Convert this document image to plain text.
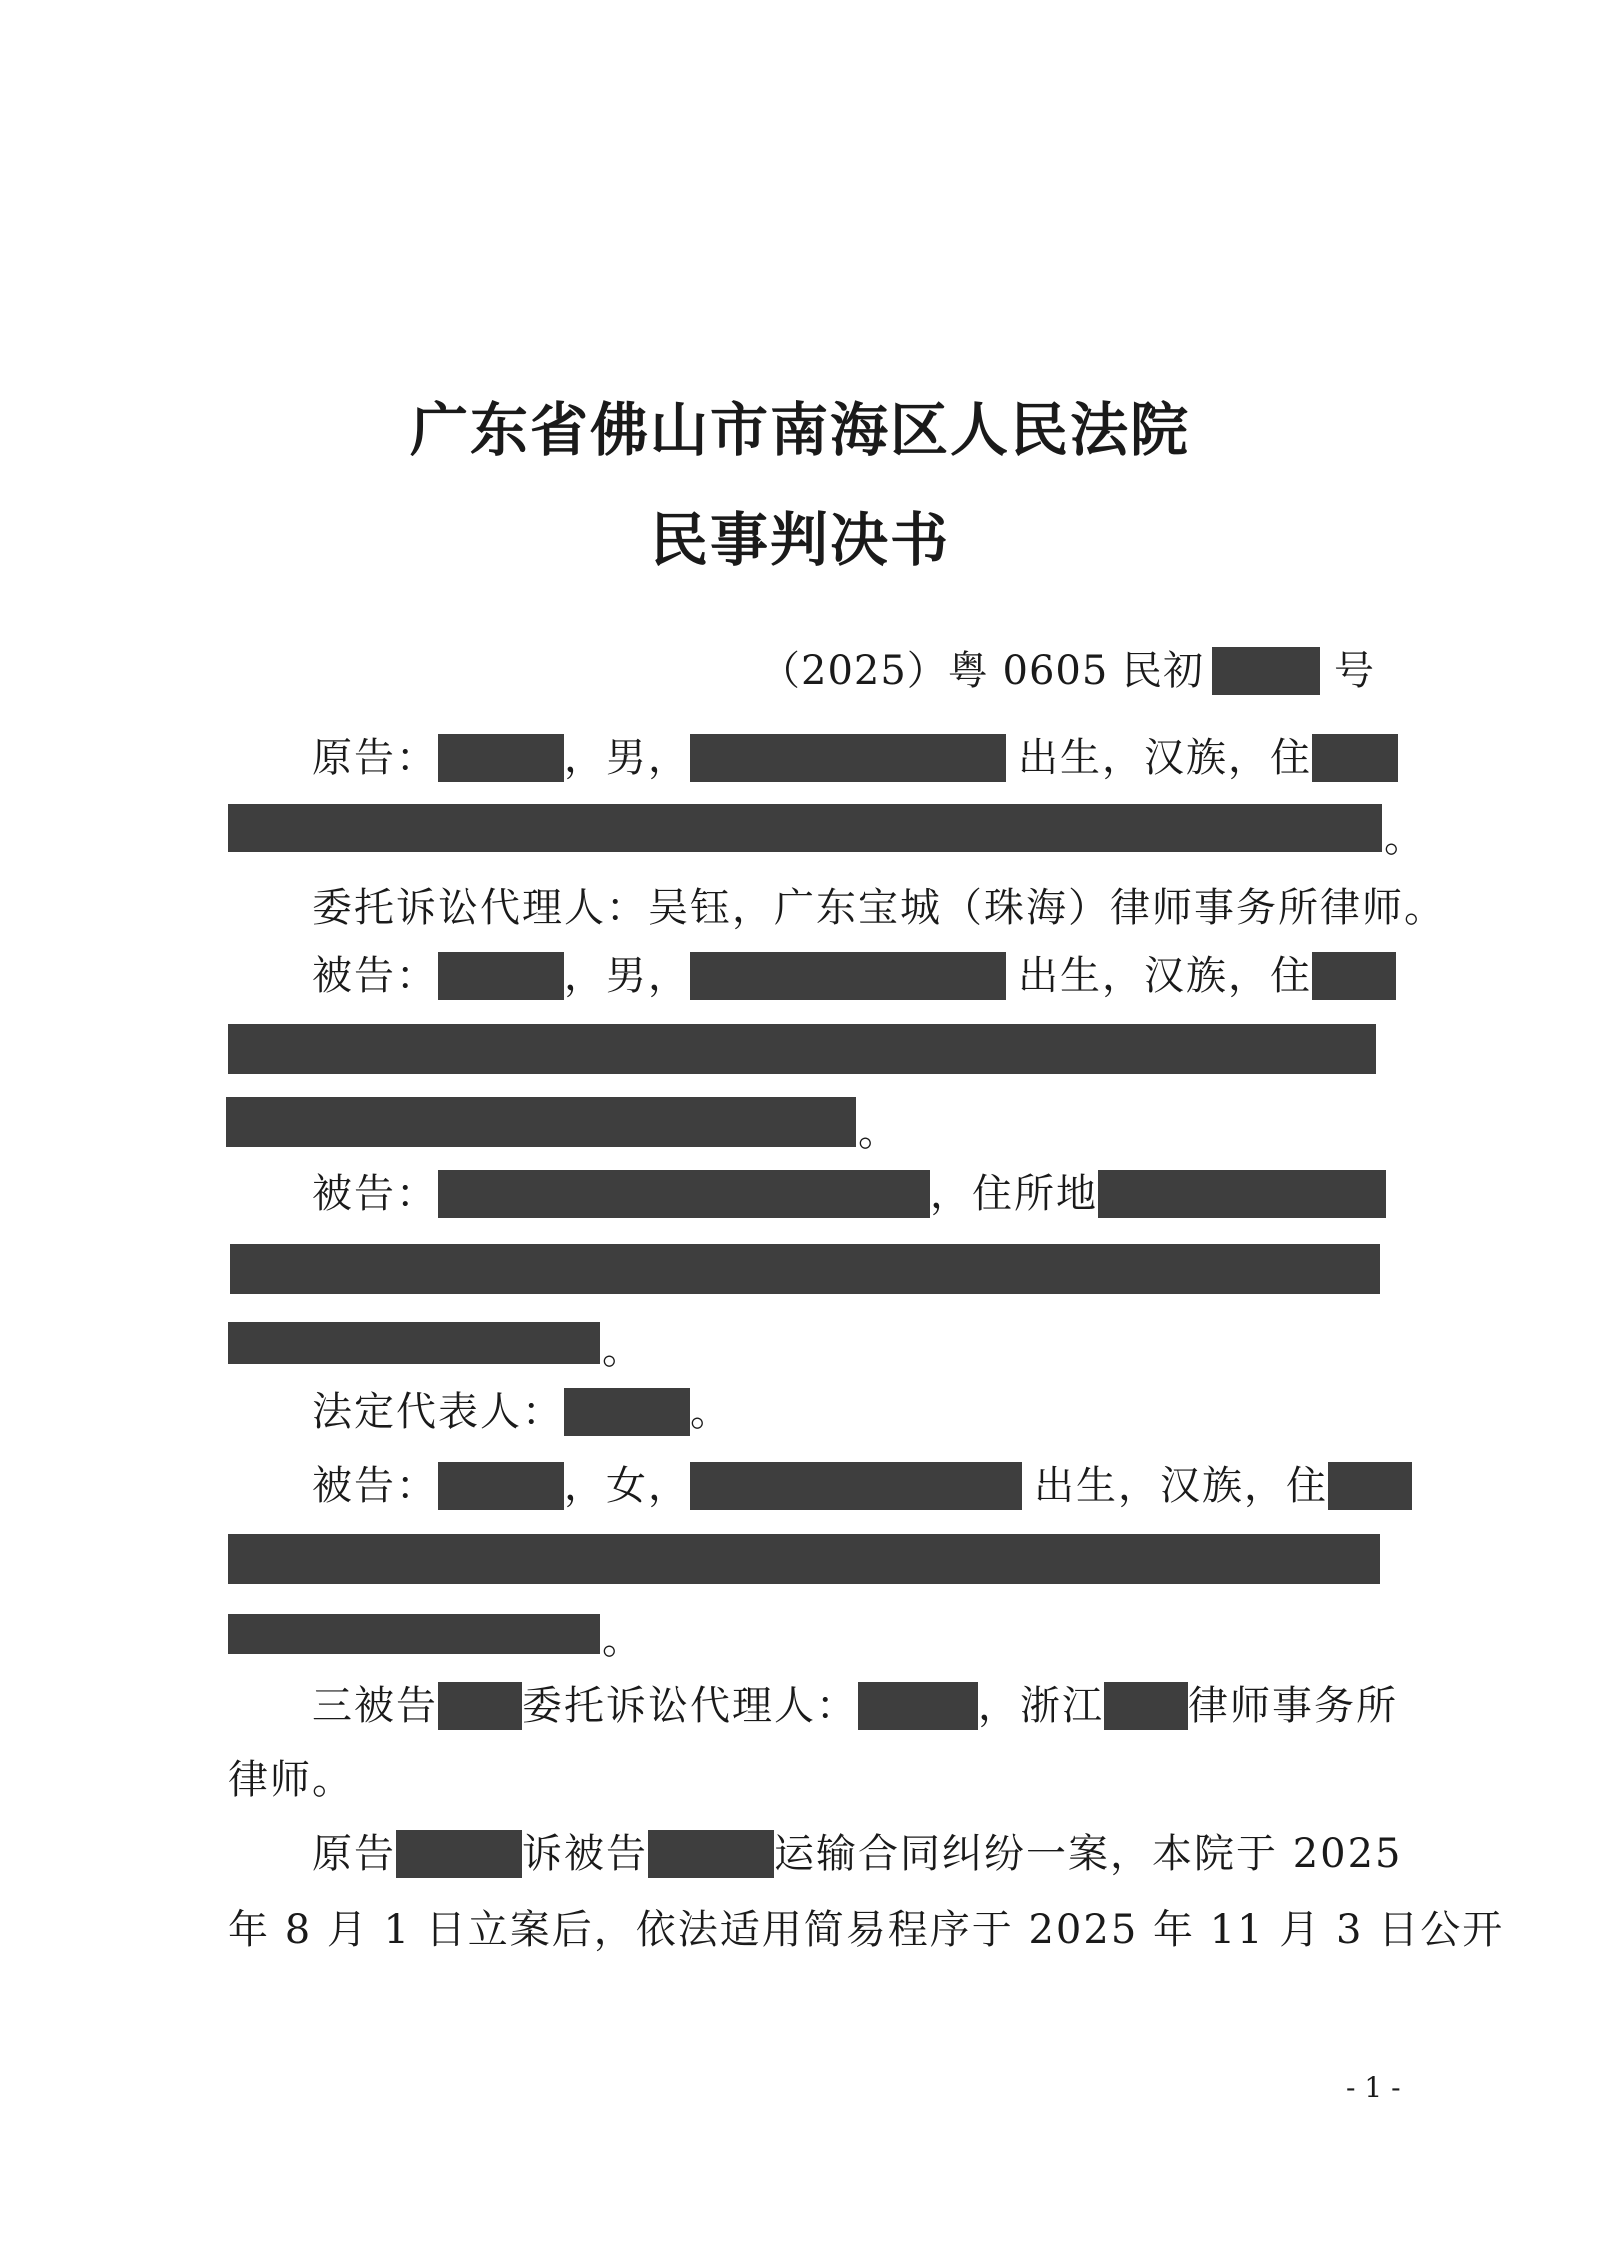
广东省佛山市南海区人民法院
民事判决书
（2025）粤 0605 民初	号
原告：	，男，	出生，汉族，住
。
委托诉讼代理人：吴钰，广东宝城（珠海）律师事务所律师。
被告：	，男，	出生，汉族，住
。
被告：	，住所地
。
法定代表人：	。
被告：	，女，	出生，汉族，住
。
三被告 委托诉讼代理人：	，浙江 律师事务所
律师。
原告	诉被告	运输合同纠纷一案，本院于 2025
年 8 月 1 日立案后，依法适用简易程序于 2025 年 11 月 3 日公开
- 1 -
